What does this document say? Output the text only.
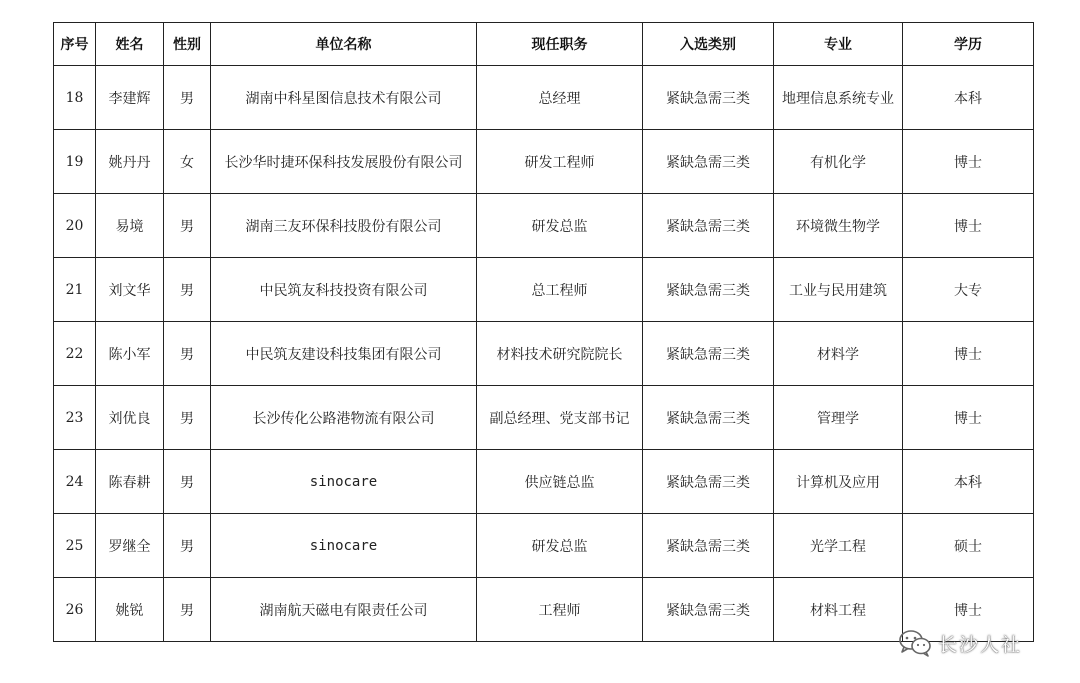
序号	姓名	性别	单位名称	现任职务	入选类别	专业	学历
18	李建辉	男	湖南中科星图信息技术有限公司	总经理	紧缺急需三类	地理信息系统专业	本科
19	姚丹丹	女	长沙华时捷环保科技发展股份有限公司	研发工程师	紧缺急需三类	有机化学	博士
20	易境	男	湖南三友环保科技股份有限公司	研发总监	紧缺急需三类	环境微生物学	博士
21	刘文华	男	中民筑友科技投资有限公司	总工程师	紧缺急需三类	工业与民用建筑	大专
22	陈小军	男	中民筑友建设科技集团有限公司	材料技术研究院院长	紧缺急需三类	材料学	博士
23	刘优良	男	长沙传化公路港物流有限公司	副总经理、党支部书记	紧缺急需三类	管理学	博士
24	陈春耕	男	sinocare	供应链总监	紧缺急需三类	计算机及应用	本科
25	罗继全	男	sinocare	研发总监	紧缺急需三类	光学工程	硕士
26	姚锐	男	湖南航天磁电有限责任公司	工程师	紧缺急需三类	材料工程	博士
长沙人社
